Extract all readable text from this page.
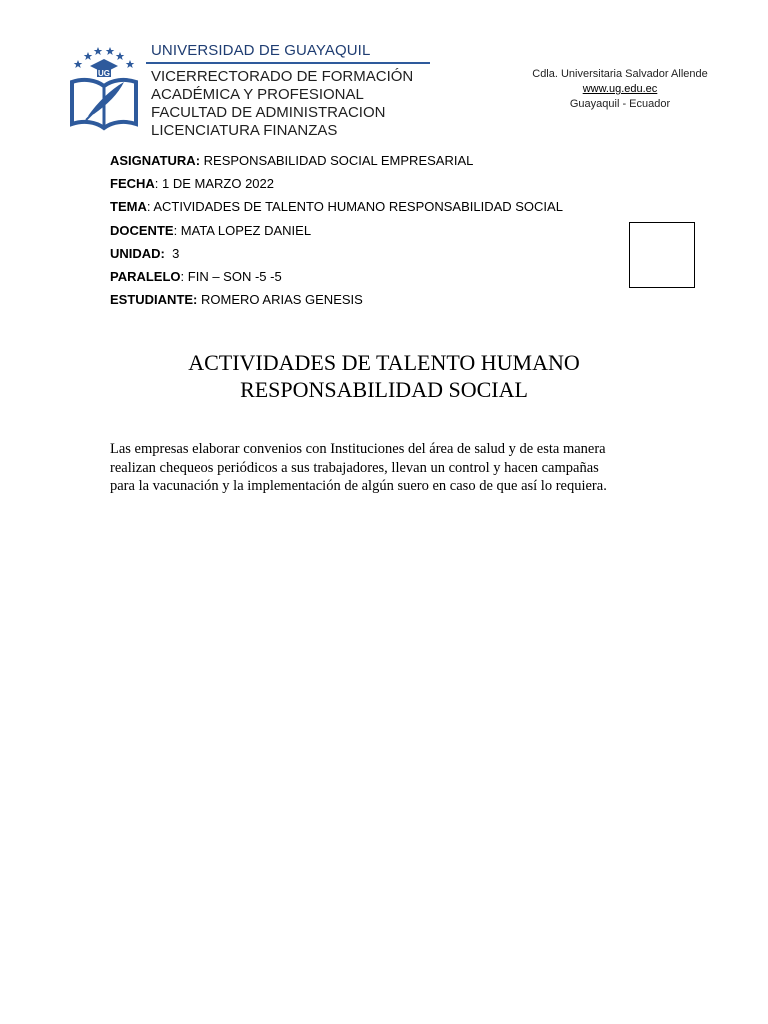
UG
UNIVERSIDAD DE GUAYAQUIL
VICERRECTORADO DE FORMACIÓN
ACADÉMICA Y PROFESIONAL
FACULTAD DE ADMINISTRACION
LICENCIATURA FINANZAS
Cdla. Universitaria Salvador Allende
www.ug.edu.ec
Guayaquil - Ecuador
ASIGNATURA: RESPONSABILIDAD SOCIAL EMPRESARIAL
FECHA: 1 DE MARZO 2022
TEMA: ACTIVIDADES DE TALENTO HUMANO RESPONSABILIDAD SOCIAL
DOCENTE: MATA LOPEZ DANIEL
UNIDAD:  3
PARALELO: FIN – SON -5 -5
ESTUDIANTE: ROMERO ARIAS GENESIS
ACTIVIDADES DE TALENTO HUMANO
RESPONSABILIDAD SOCIAL
Las empresas elaborar convenios con Instituciones del área de salud y de esta manera
realizan chequeos periódicos a sus trabajadores, llevan un control y hacen campañas
para la vacunación y la implementación de algún suero en caso de que así lo requiera.
